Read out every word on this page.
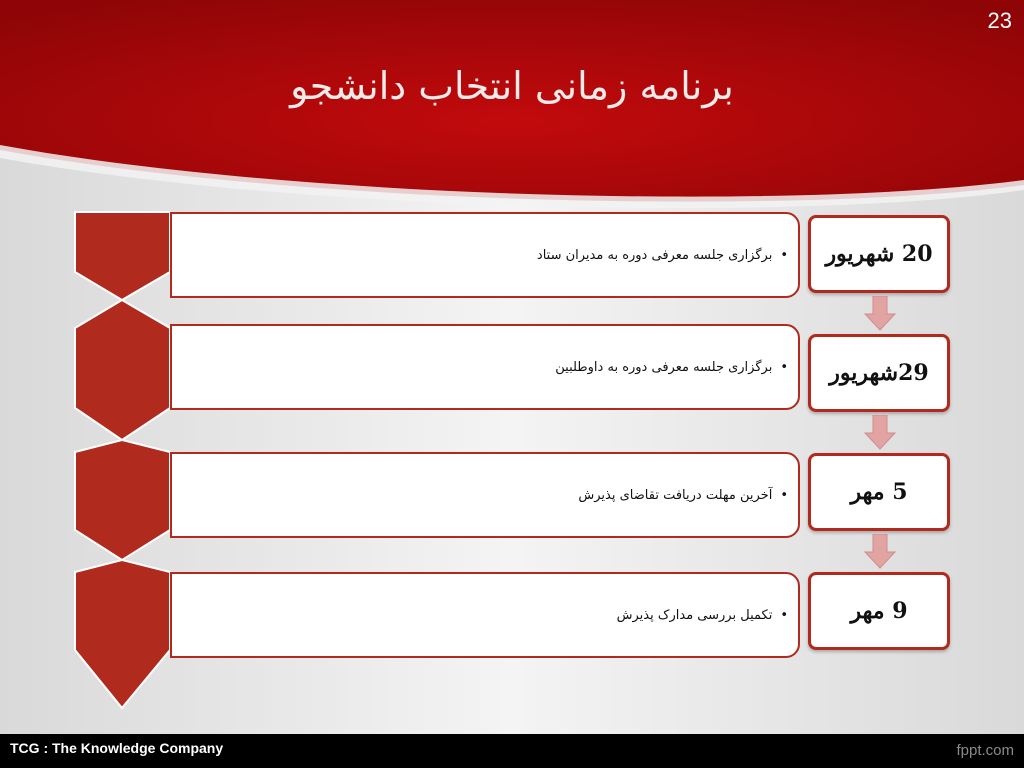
23
برنامه زمانی انتخاب دانشجو
• برگزاری جلسه معرفی دوره به مدیران ستاد
• برگزاری جلسه معرفی دوره به داوطلبین
• آخرین مهلت دریافت تقاضای پذیرش
• تکمیل بررسی مدارک پذیرش
20 شهریور
29شهریور
5 مهر
9 مهر
TCG : The Knowledge Company	fppt.com
